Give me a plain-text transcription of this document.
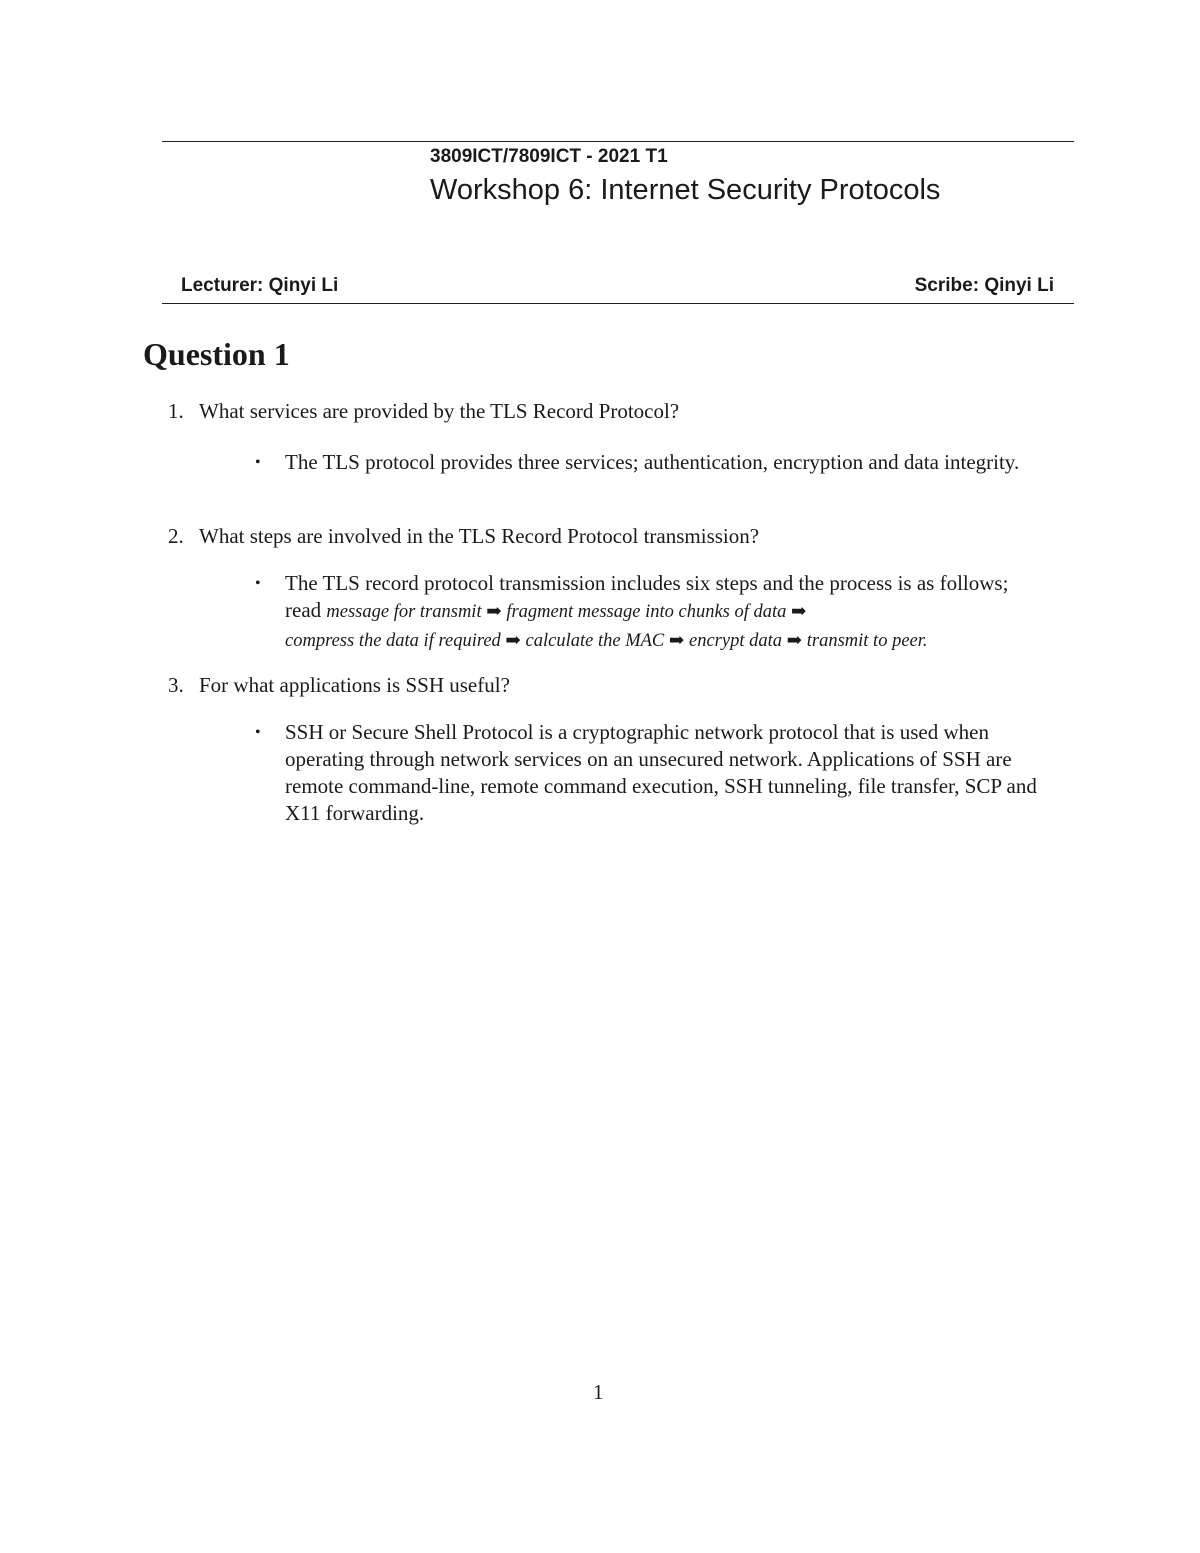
3809ICT/7809ICT - 2021 T1
Workshop 6: Internet Security Protocols
Lecturer: Qinyi Li	Scribe: Qinyi Li
Question 1
1. What services are provided by the TLS Record Protocol?
• The TLS protocol provides three services; authentication, encryption and data integrity.
2. What steps are involved in the TLS Record Protocol transmission?
• The TLS record protocol transmission includes six steps and the process is as follows; read message for transmit ➡ fragment message into chunks of data ➡
compress the data if required ➡ calculate the MAC ➡ encrypt data ➡ transmit to peer.
3. For what applications is SSH useful?
• SSH or Secure Shell Protocol is a cryptographic network protocol that is used when operating through network services on an unsecured network. Applications of SSH are remote command-line, remote command execution, SSH tunneling, file transfer, SCP and X11 forwarding.
1
